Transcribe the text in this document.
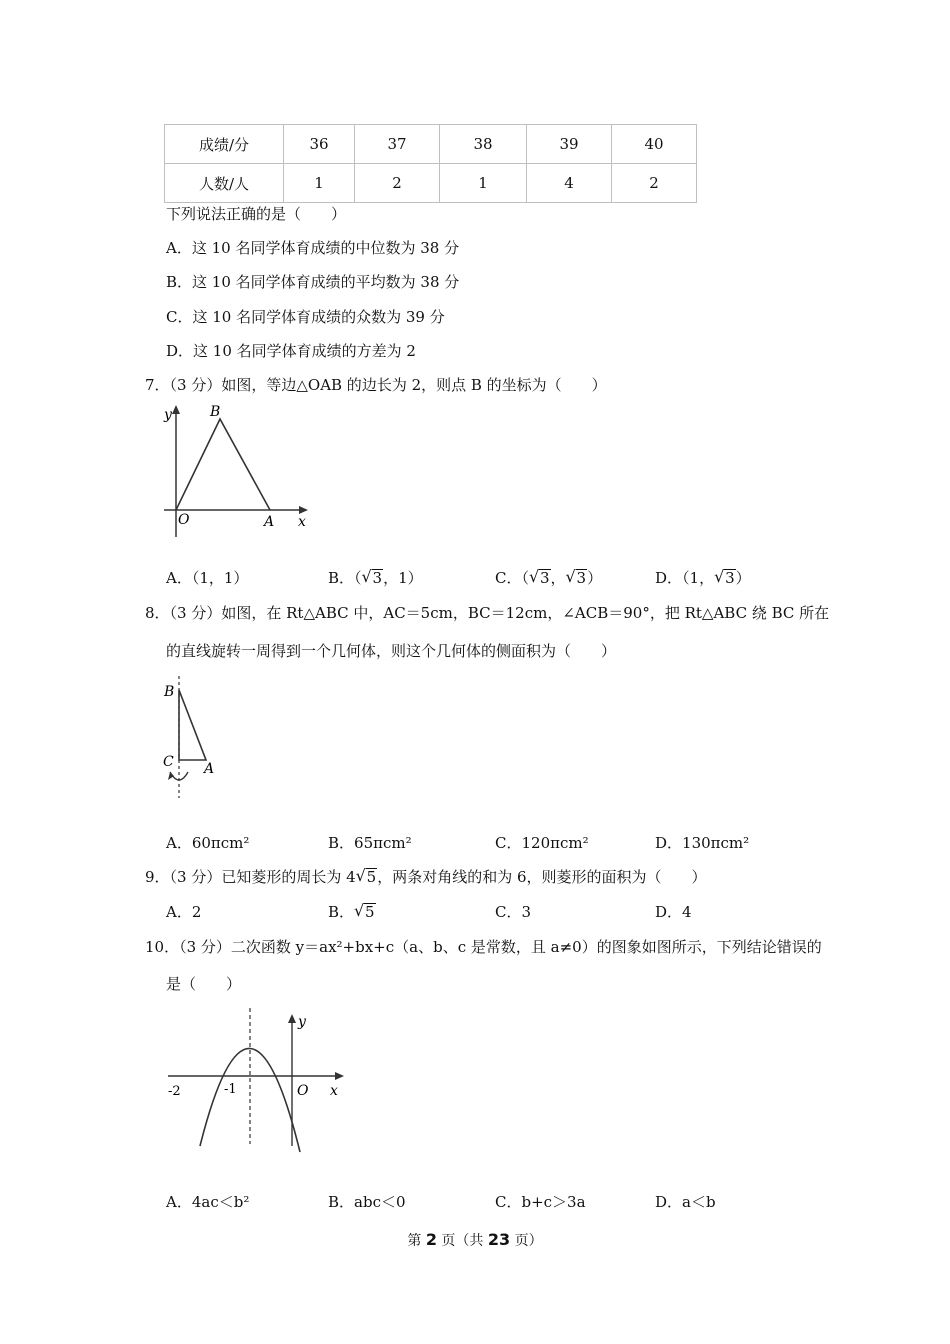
成绩/分	36	37	38	39	40
人数/人	1	2	1	4	2
下列说法正确的是（　　）
A．这 10 名同学体育成绩的中位数为 38 分
B．这 10 名同学体育成绩的平均数为 38 分
C．这 10 名同学体育成绩的众数为 39 分
D．这 10 名同学体育成绩的方差为 2
7．（3 分）如图，等边△OAB 的边长为 2，则点 B 的坐标为（　　）
y	B
O	A x
A．（1，1）	B．（ √ 3，1）	C．（ √ 3， √ 3）	D．（1， √ 3）
8．（3 分）如图，在 Rt△ABC 中，AC＝5cm，BC＝12cm，∠ACB＝90°，把 Rt△ABC 绕 BC 所在
的直线旋转一周得到一个几何体，则这个几何体的侧面积为（　　）
B
C A
A．60πcm²	B．65πcm²	C．120πcm²	D．130πcm²
9．（3 分）已知菱形的周长为 4 √ 5，两条对角线的和为 6，则菱形的面积为（　　）
A．2	B． √ 5	C．3	D．4
10．（3 分）二次函数 y＝ax²+bx+c（a、b、c 是常数，且 a≠0）的图象如图所示，下列结论错误的
是（　　）
-2	-1	O x
y
A．4ac＜b²	B．abc＜0	C．b+c＞3a	D．a＜b
第 2 页（共 23 页）
